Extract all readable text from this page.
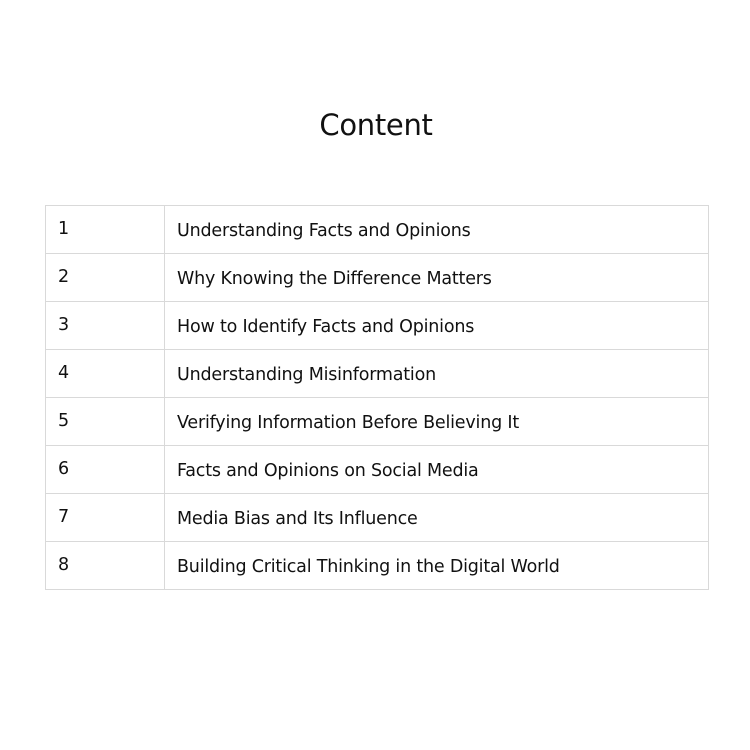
Content
1	Understanding Facts and Opinions
2	Why Knowing the Difference Matters
3	How to Identify Facts and Opinions
4	Understanding Misinformation
5	Verifying Information Before Believing It
6	Facts and Opinions on Social Media
7	Media Bias and Its Influence
8	Building Critical Thinking in the Digital World
